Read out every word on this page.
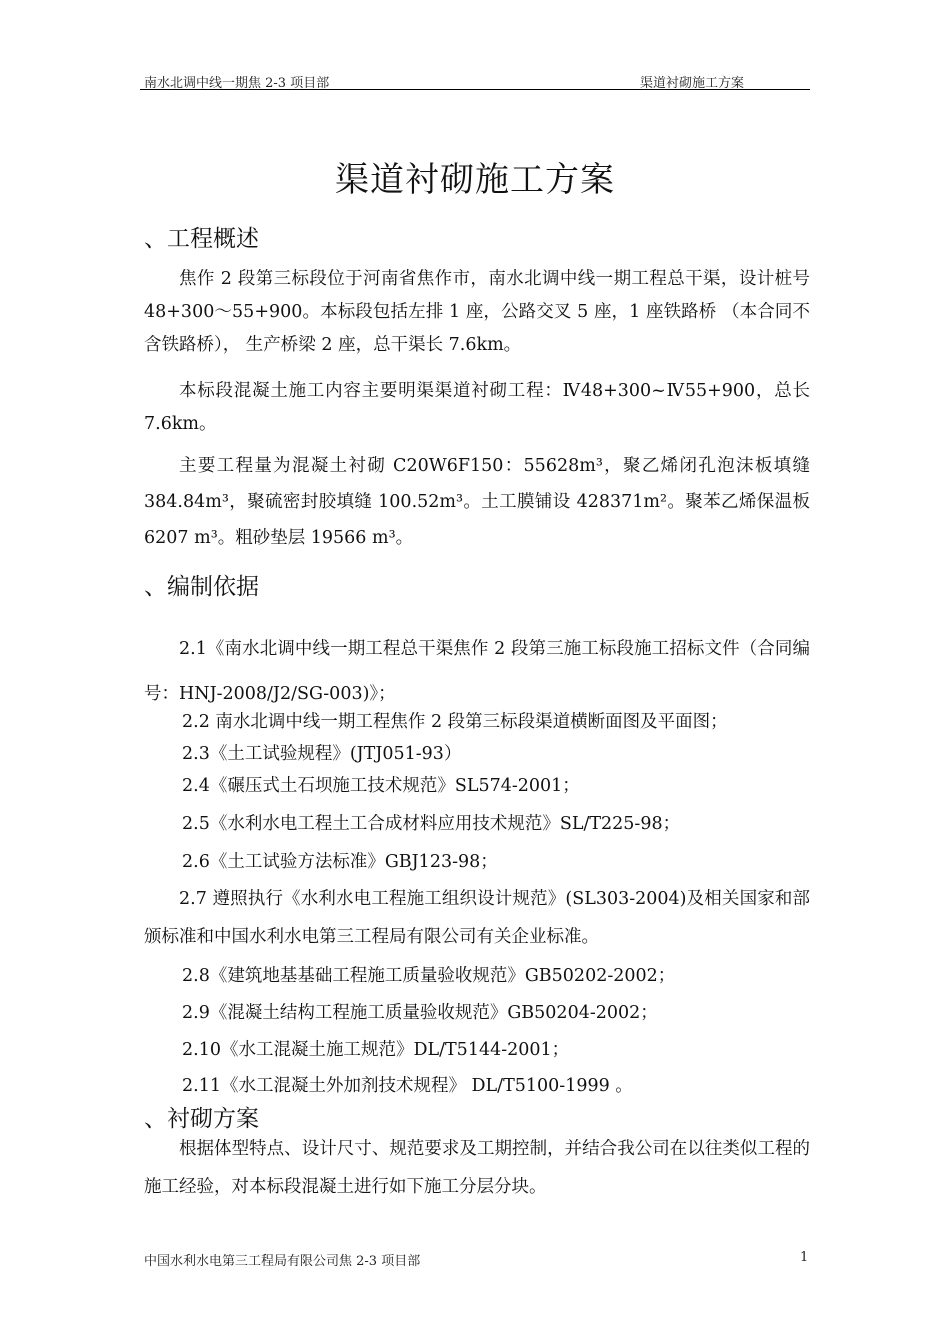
南水北调中线一期焦 2-3 项目部	渠道衬砌施工方案
渠道衬砌施工方案
、工程概述

焦作 2 段第三标段位于河南省焦作市，南水北调中线一期工程总干渠，设计桩号 48+300～55+900。本标段包括左排 1 座，公路交叉 5 座，1 座铁路桥 （本合同不含铁路桥）， 生产桥梁 2 座，总干渠长 7.6km。

本标段混凝土施工内容主要明渠渠道衬砌工程：Ⅳ48+300~Ⅳ55+900，总长 7.6km。

主要工程量为混凝土衬砌 C20W6F150：55628m³，聚乙烯闭孔泡沫板填缝 384.84m³，聚硫密封胶填缝 100.52m³。土工膜铺设 428371m²。聚苯乙烯保温板 6207 m³。粗砂垫层 19566 m³。

、编制依据

2.1《南水北调中线一期工程总干渠焦作 2 段第三施工标段施工招标文件（合同编号：HNJ-2008/J2/SG-003)》；

2.2 南水北调中线一期工程焦作 2 段第三标段渠道横断面图及平面图；
2.3《土工试验规程》(JTJ051-93）
2.4《碾压式土石坝施工技术规范》SL574-2001；
2.5《水利水电工程土工合成材料应用技术规范》SL/T225-98；
2.6《土工试验方法标准》GBJ123-98；

2.7 遵照执行《水利水电工程施工组织设计规范》(SL303-2004)及相关国家和部颁标准和中国水利水电第三工程局有限公司有关企业标准。

2.8《建筑地基基础工程施工质量验收规范》GB50202-2002；
2.9《混凝土结构工程施工质量验收规范》GB50204-2002；
2.10《水工混凝土施工规范》DL/T5144-2001；
2.11《水工混凝土外加剂技术规程》 DL/T5100-1999 。
、衬砌方案

根据体型特点、设计尺寸、规范要求及工期控制，并结合我公司在以往类似工程的施工经验，对本标段混凝土进行如下施工分层分块。

中国水利水电第三工程局有限公司焦 2-3 项目部	1
